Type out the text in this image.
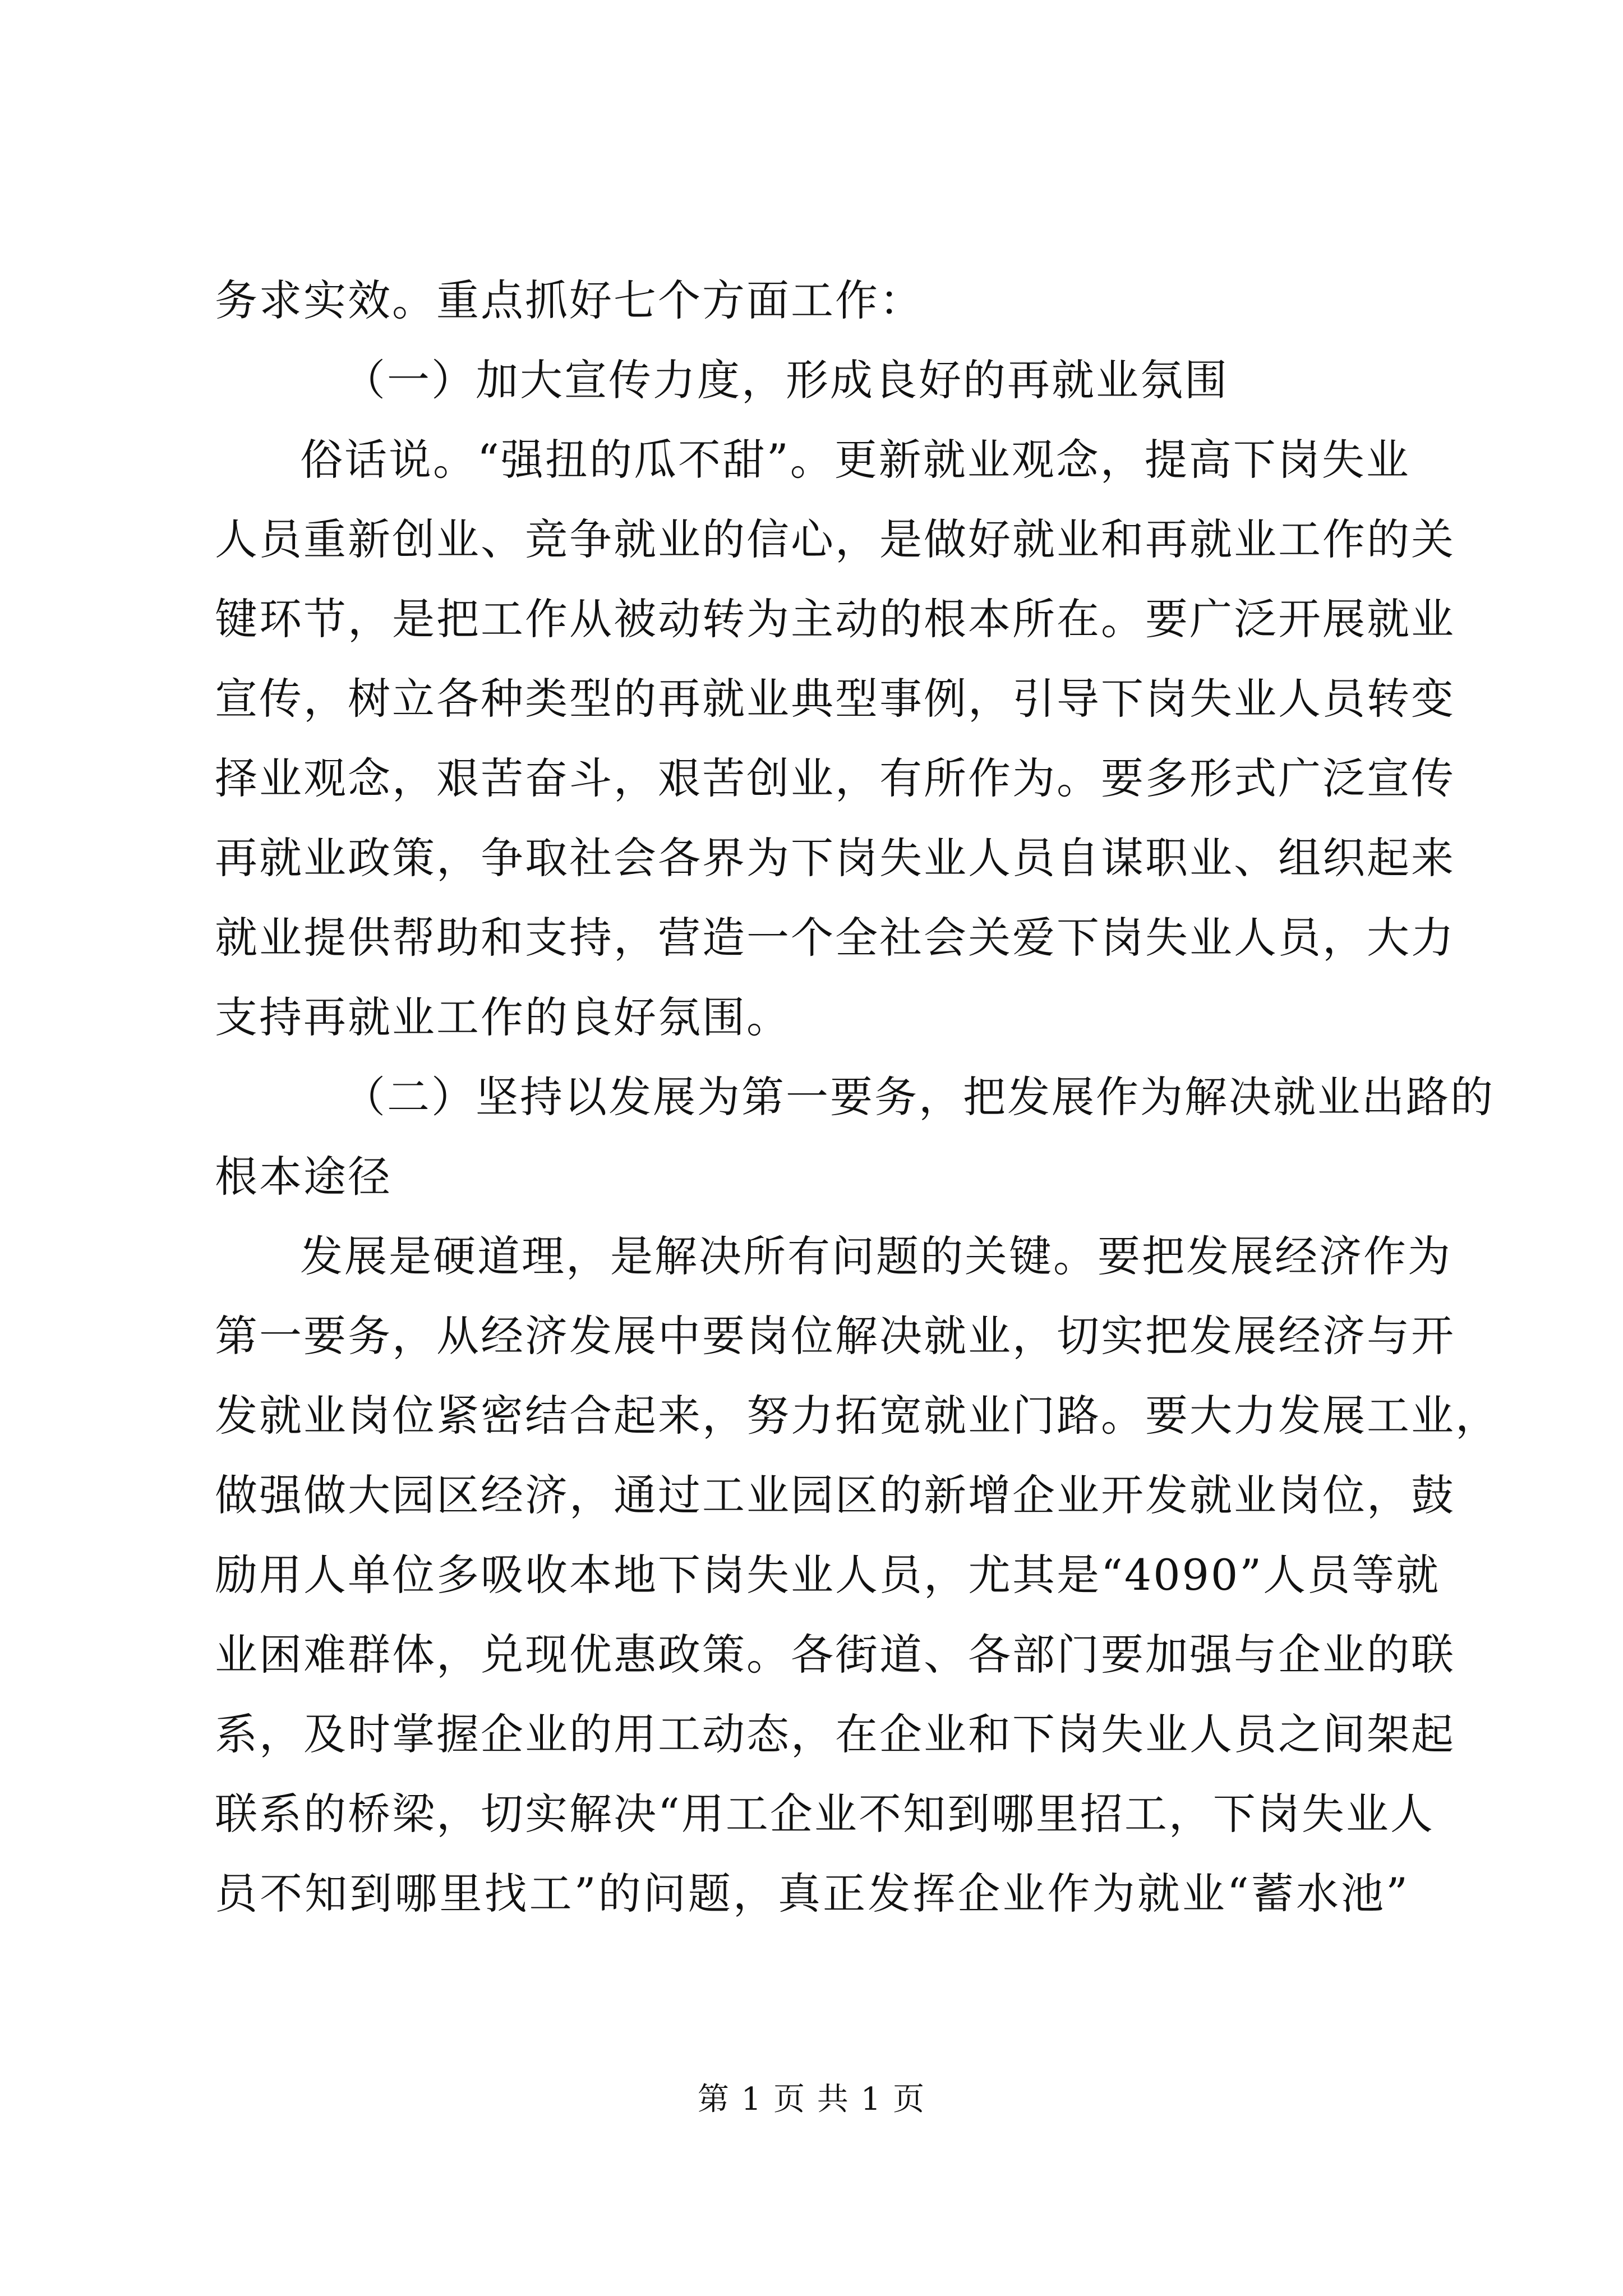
务求实效。重点抓好七个方面工作：
（一）加大宣传力度，形成良好的再就业氛围
俗话说。“强扭的瓜不甜”。更新就业观念，提高下岗失业
人员重新创业、竞争就业的信心，是做好就业和再就业工作的关
键环节，是把工作从被动转为主动的根本所在。要广泛开展就业
宣传，树立各种类型的再就业典型事例，引导下岗失业人员转变
择业观念，艰苦奋斗，艰苦创业，有所作为。要多形式广泛宣传
再就业政策，争取社会各界为下岗失业人员自谋职业、组织起来
就业提供帮助和支持，营造一个全社会关爱下岗失业人员，大力
支持再就业工作的良好氛围。
（二）坚持以发展为第一要务，把发展作为解决就业出路的
根本途径
发展是硬道理，是解决所有问题的关键。要把发展经济作为
第一要务，从经济发展中要岗位解决就业，切实把发展经济与开
发就业岗位紧密结合起来，努力拓宽就业门路。要大力发展工业，
做强做大园区经济，通过工业园区的新增企业开发就业岗位，鼓
励用人单位多吸收本地下岗失业人员，尤其是“4090”人员等就
业困难群体，兑现优惠政策。各街道、各部门要加强与企业的联
系，及时掌握企业的用工动态，在企业和下岗失业人员之间架起
联系的桥梁，切实解决“用工企业不知到哪里招工，下岗失业人
员不知到哪里找工”的问题，真正发挥企业作为就业“蓄水池”
第 1 页 共 1 页
